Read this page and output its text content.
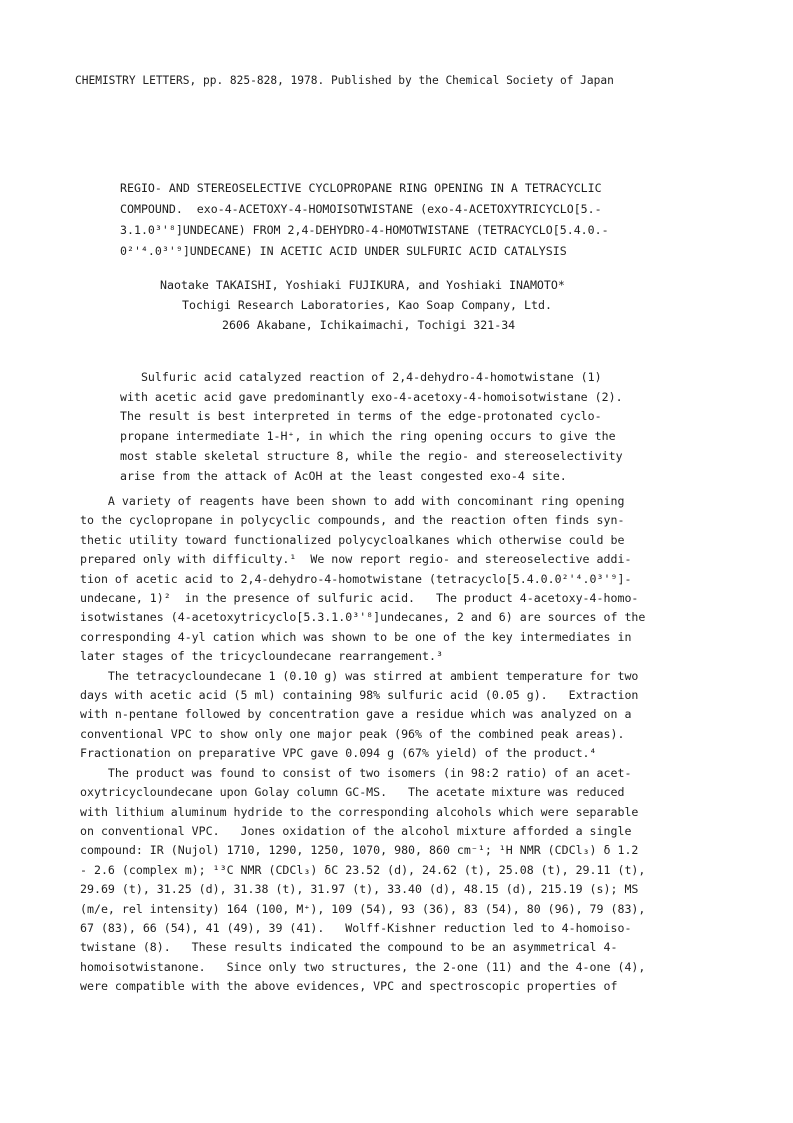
CHEMISTRY LETTERS, pp. 825-828, 1978. Published by the Chemical Society of Japan
REGIO- AND STEREOSELECTIVE CYCLOPROPANE RING OPENING IN A TETRACYCLIC
COMPOUND.  exo-4-ACETOXY-4-HOMOISOTWISTANE (exo-4-ACETOXYTRICYCLO[5.-
3.1.0³'⁸]UNDECANE) FROM 2,4-DEHYDRO-4-HOMOTWISTANE (TETRACYCLO[5.4.0.-
0²'⁴.0³'⁹]UNDECANE) IN ACETIC ACID UNDER SULFURIC ACID CATALYSIS
Naotake TAKAISHI, Yoshiaki FUJIKURA, and Yoshiaki INAMOTO*
Tochigi Research Laboratories, Kao Soap Company, Ltd.
2606 Akabane, Ichikaimachi, Tochigi 321-34
Sulfuric acid catalyzed reaction of 2,4-dehydro-4-homotwistane (1)
with acetic acid gave predominantly exo-4-acetoxy-4-homoisotwistane (2).
The result is best interpreted in terms of the edge-protonated cyclo-
propane intermediate 1-H⁺, in which the ring opening occurs to give the
most stable skeletal structure 8, while the regio- and stereoselectivity
arise from the attack of AcOH at the least congested exo-4 site.
A variety of reagents have been shown to add with concominant ring opening
to the cyclopropane in polycyclic compounds, and the reaction often finds syn-
thetic utility toward functionalized polycycloalkanes which otherwise could be
prepared only with difficulty.¹  We now report regio- and stereoselective addi-
tion of acetic acid to 2,4-dehydro-4-homotwistane (tetracyclo[5.4.0.0²'⁴.0³'⁹]-
undecane, 1)²  in the presence of sulfuric acid.   The product 4-acetoxy-4-homo-
isotwistanes (4-acetoxytricyclo[5.3.1.0³'⁸]undecanes, 2 and 6) are sources of the
corresponding 4-yl cation which was shown to be one of the key intermediates in
later stages of the tricycloundecane rearrangement.³
The tetracycloundecane 1 (0.10 g) was stirred at ambient temperature for two
days with acetic acid (5 ml) containing 98% sulfuric acid (0.05 g).   Extraction
with n-pentane followed by concentration gave a residue which was analyzed on a
conventional VPC to show only one major peak (96% of the combined peak areas).
Fractionation on preparative VPC gave 0.094 g (67% yield) of the product.⁴
The product was found to consist of two isomers (in 98:2 ratio) of an acet-
oxytricycloundecane upon Golay column GC-MS.   The acetate mixture was reduced
with lithium aluminum hydride to the corresponding alcohols which were separable
on conventional VPC.   Jones oxidation of the alcohol mixture afforded a single
compound: IR (Nujol) 1710, 1290, 1250, 1070, 980, 860 cm⁻¹; ¹H NMR (CDCl₃) δ 1.2
- 2.6 (complex m); ¹³C NMR (CDCl₃) δC 23.52 (d), 24.62 (t), 25.08 (t), 29.11 (t),
29.69 (t), 31.25 (d), 31.38 (t), 31.97 (t), 33.40 (d), 48.15 (d), 215.19 (s); MS
(m/e, rel intensity) 164 (100, M⁺), 109 (54), 93 (36), 83 (54), 80 (96), 79 (83),
67 (83), 66 (54), 41 (49), 39 (41).   Wolff-Kishner reduction led to 4-homoiso-
twistane (8).   These results indicated the compound to be an asymmetrical 4-
homoisotwistanone.   Since only two structures, the 2-one (11) and the 4-one (4),
were compatible with the above evidences, VPC and spectroscopic properties of
